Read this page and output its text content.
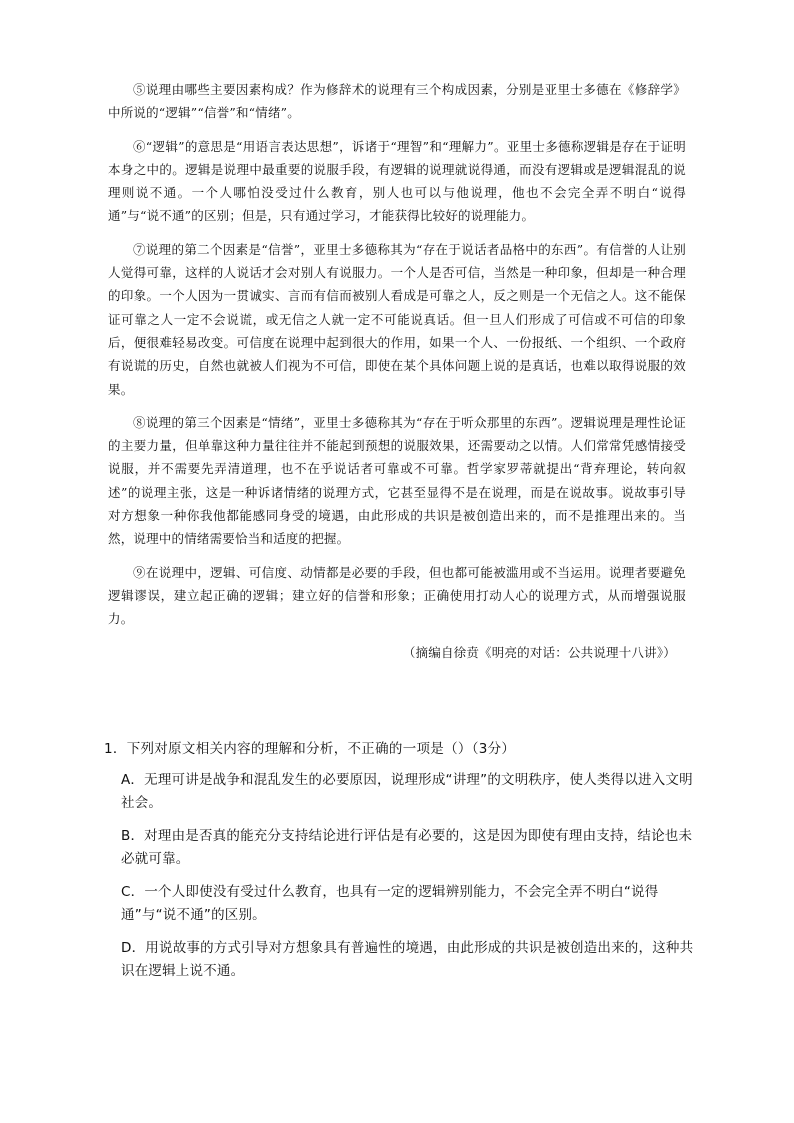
⑤说理由哪些主要因素构成？作为修辞术的说理有三个构成因素，分别是亚里士多德在《修辞学》中所说的“逻辑”“信誉”和“情绪”。

⑥“逻辑”的意思是“用语言表达思想”，诉诸于“理智”和“理解力”。亚里士多德称逻辑是存在于证明本身之中的。逻辑是说理中最重要的说服手段，有逻辑的说理就说得通，而没有逻辑或是逻辑混乱的说理则说不通。一个人哪怕没受过什么教育，别人也可以与他说理，他也不会完全弄不明白“说得通”与“说不通”的区别；但是，只有通过学习，才能获得比较好的说理能力。

⑦说理的第二个因素是“信誉”，亚里士多德称其为“存在于说话者品格中的东西”。有信誉的人让别人觉得可靠，这样的人说话才会对别人有说服力。一个人是否可信，当然是一种印象，但却是一种合理的印象。一个人因为一贯诚实、言而有信而被别人看成是可靠之人，反之则是一个无信之人。这不能保证可靠之人一定不会说谎，或无信之人就一定不可能说真话。但一旦人们形成了可信或不可信的印象后，便很难轻易改变。可信度在说理中起到很大的作用，如果一个人、一份报纸、一个组织、一个政府有说谎的历史，自然也就被人们视为不可信，即使在某个具体问题上说的是真话，也难以取得说服的效果。

⑧说理的第三个因素是“情绪”，亚里士多德称其为“存在于听众那里的东西”。逻辑说理是理性论证的主要力量，但单靠这种力量往往并不能起到预想的说服效果，还需要动之以情。人们常常凭感情接受说服，并不需要先弄清道理，也不在乎说话者可靠或不可靠。哲学家罗蒂就提出“背弃理论，转向叙述”的说理主张，这是一种诉诸情绪的说理方式，它甚至显得不是在说理，而是在说故事。说故事引导对方想象一种你我他都能感同身受的境遇，由此形成的共识是被创造出来的，而不是推理出来的。当然，说理中的情绪需要恰当和适度的把握。

⑨在说理中，逻辑、可信度、动情都是必要的手段，但也都可能被滥用或不当运用。说理者要避免逻辑谬误，建立起正确的逻辑；建立好的信誉和形象；正确使用打动人心的说理方式，从而增强说服力。

（摘编自徐贲《明亮的对话：公共说理十八讲》）

1．下列对原文相关内容的理解和分析，不正确的一项是（）（3分）

A．无理可讲是战争和混乱发生的必要原因，说理形成“讲理”的文明秩序，使人类得以进入文明社会。

B．对理由是否真的能充分支持结论进行评估是有必要的，这是因为即使有理由支持，结论也未必就可靠。

C．一个人即使没有受过什么教育，也具有一定的逻辑辨别能力，不会完全弄不明白“说得通”与“说不通”的区别。

D．用说故事的方式引导对方想象具有普遍性的境遇，由此形成的共识是被创造出来的，这种共识在逻辑上说不通。
